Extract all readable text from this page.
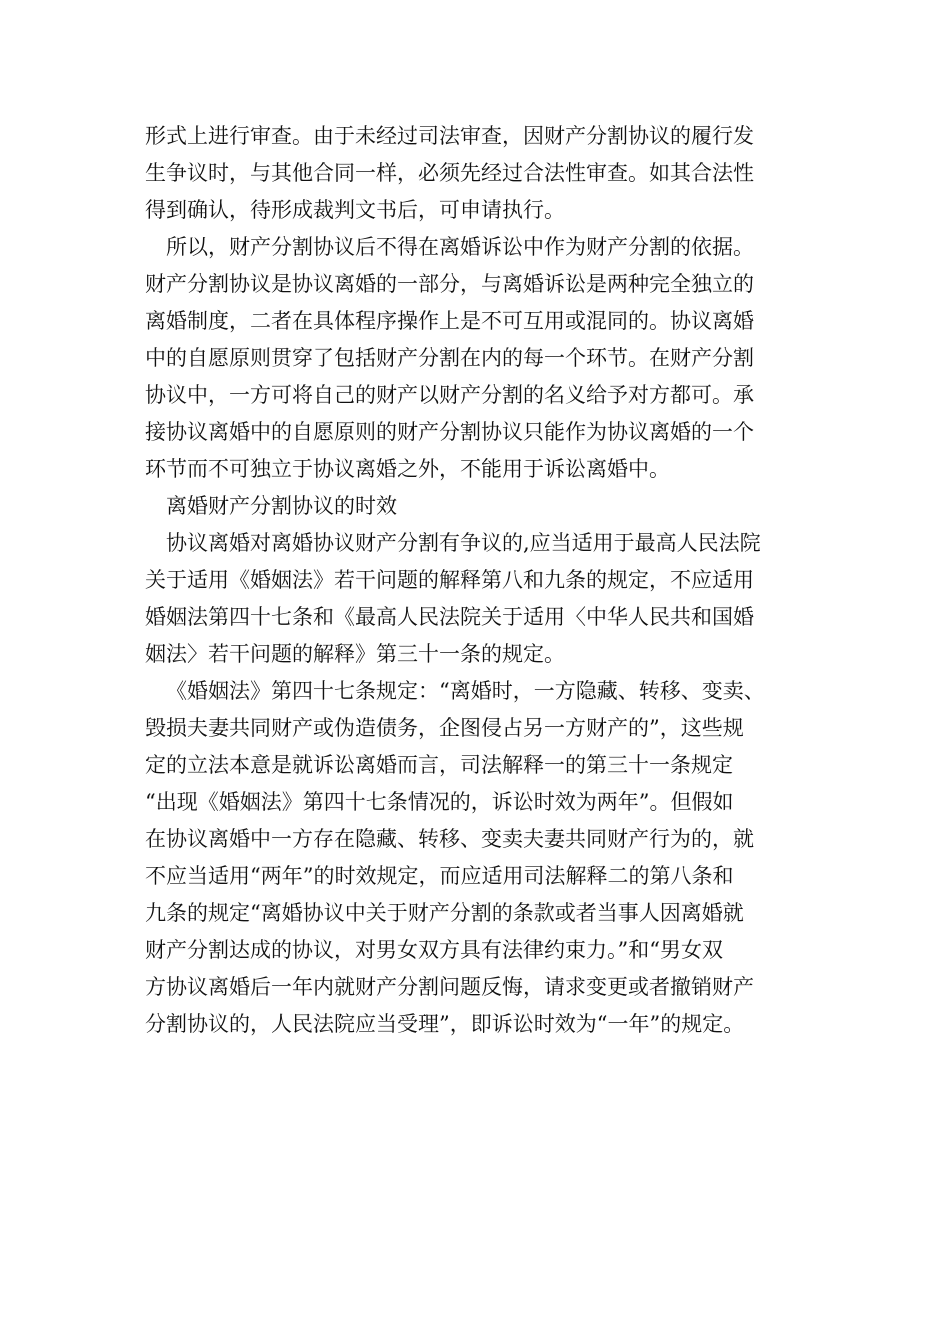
形式上进行审查。由于未经过司法审查，因财产分割协议的履行发
生争议时，与其他合同一样，必须先经过合法性审查。如其合法性
得到确认，待形成裁判文书后，可申请执行。
所以，财产分割协议后不得在离婚诉讼中作为财产分割的依据。
财产分割协议是协议离婚的一部分，与离婚诉讼是两种完全独立的
离婚制度，二者在具体程序操作上是不可互用或混同的。协议离婚
中的自愿原则贯穿了包括财产分割在内的每一个环节。在财产分割
协议中，一方可将自己的财产以财产分割的名义给予对方都可。承
接协议离婚中的自愿原则的财产分割协议只能作为协议离婚的一个
环节而不可独立于协议离婚之外，不能用于诉讼离婚中。
离婚财产分割协议的时效
协议离婚对离婚协议财产分割有争议的,应当适用于最高人民法院
关于适用《婚姻法》若干问题的解释第八和九条的规定，不应适用
婚姻法第四十七条和《最高人民法院关于适用〈中华人民共和国婚
姻法〉若干问题的解释》第三十一条的规定。
《婚姻法》第四十七条规定：“离婚时，一方隐藏、转移、变卖、
毁损夫妻共同财产或伪造债务，企图侵占另一方财产的”，这些规
定的立法本意是就诉讼离婚而言，司法解释一的第三十一条规定
“出现《婚姻法》第四十七条情况的，诉讼时效为两年”。但假如
在协议离婚中一方存在隐藏、转移、变卖夫妻共同财产行为的，就
不应当适用“两年”的时效规定，而应适用司法解释二的第八条和
九条的规定“离婚协议中关于财产分割的条款或者当事人因离婚就
财产分割达成的协议，对男女双方具有法律约束力。”和“男女双
方协议离婚后一年内就财产分割问题反悔，请求变更或者撤销财产
分割协议的，人民法院应当受理”，即诉讼时效为“一年”的规定。
